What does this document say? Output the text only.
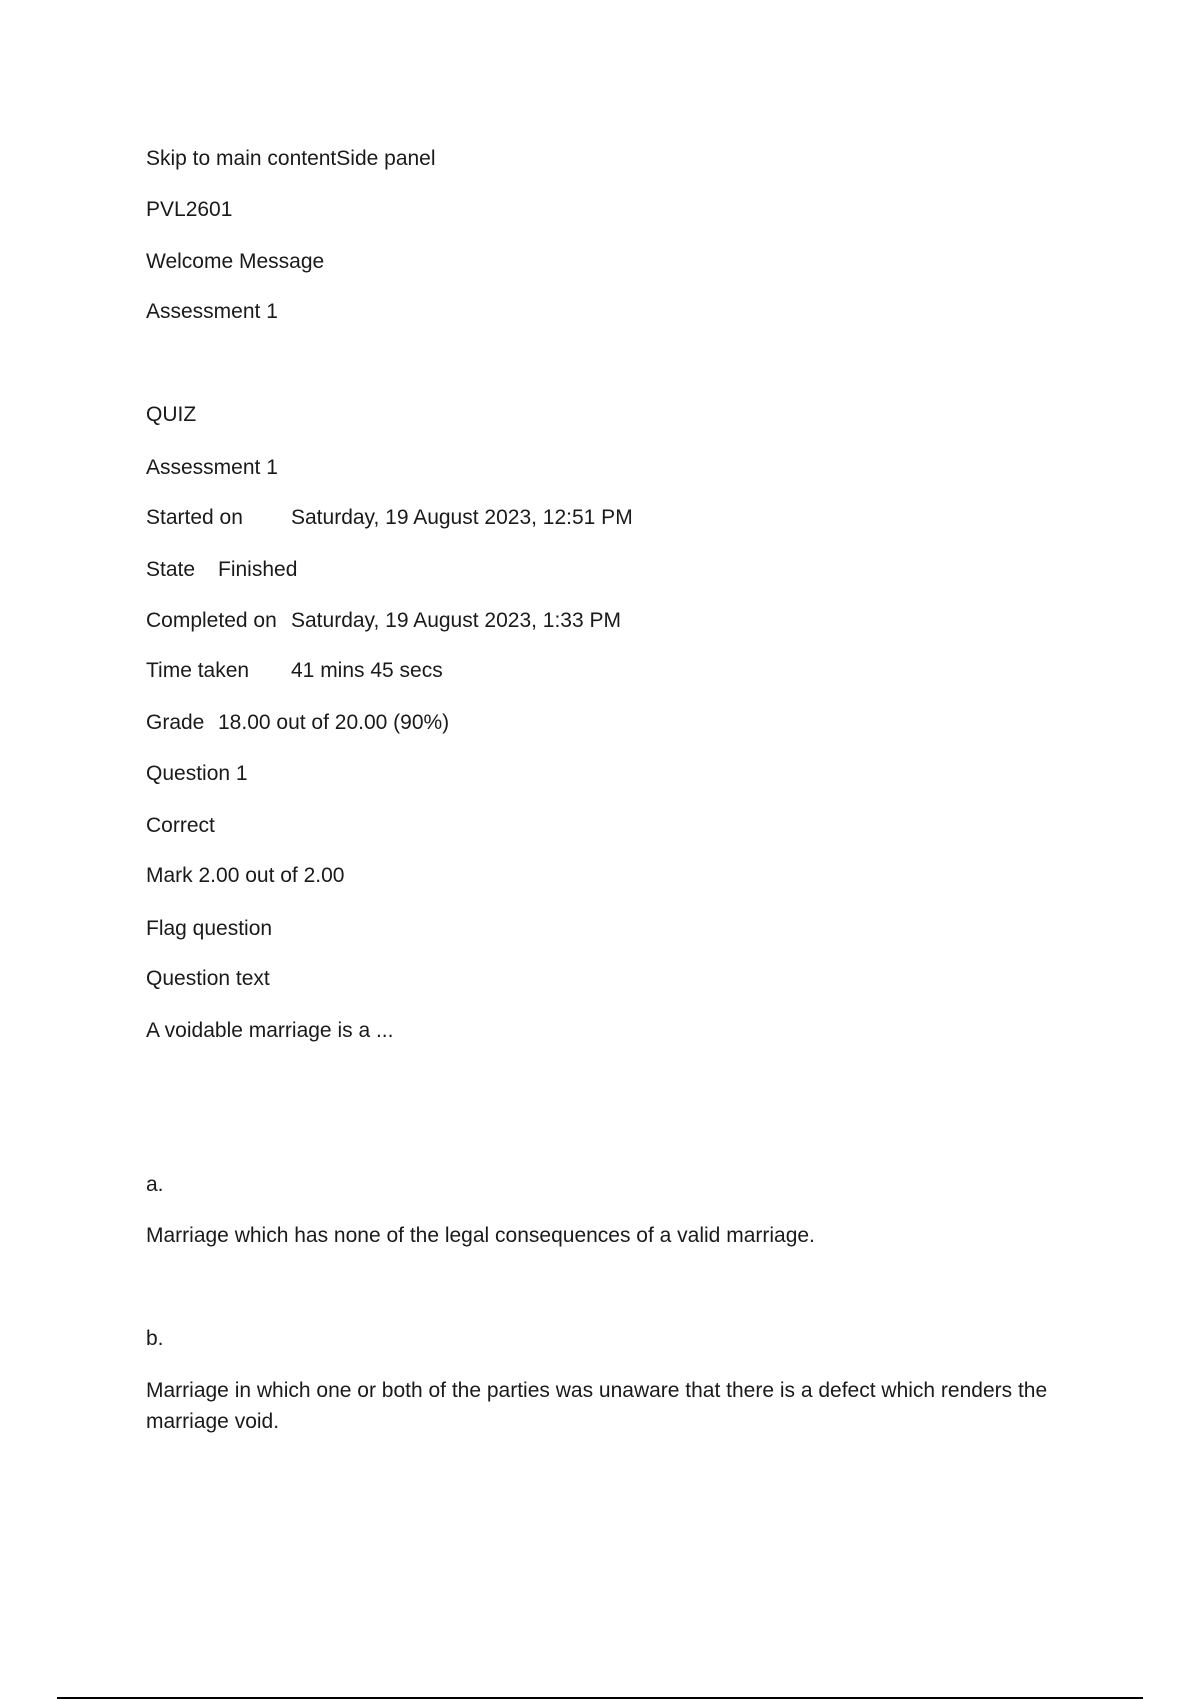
Skip to main contentSide panel
PVL2601
Welcome Message
Assessment 1
QUIZ
Assessment 1
Started on Saturday, 19 August 2023, 12:51 PM
State Finished
Completed on Saturday, 19 August 2023, 1:33 PM
Time taken 41 mins 45 secs
Grade 18.00 out of 20.00 (90%)
Question 1
Correct
Mark 2.00 out of 2.00
Flag question
Question text
A voidable marriage is a ...
a.
Marriage which has none of the legal consequences of a valid marriage.
b.
Marriage in which one or both of the parties was unaware that there is a defect which renders the marriage void.
